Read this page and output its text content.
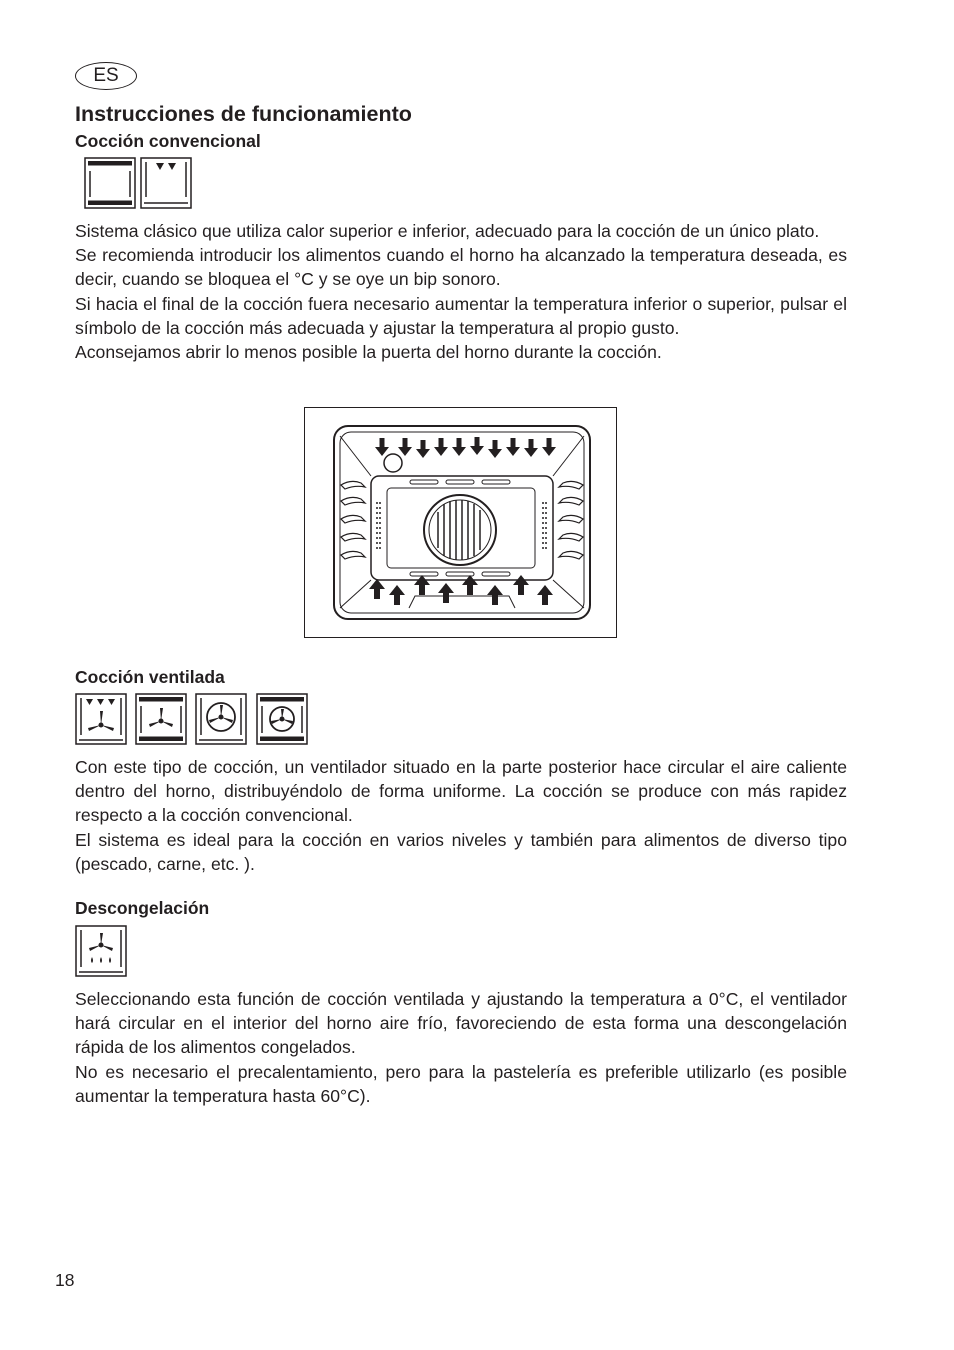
ES
Instrucciones de funcionamiento
Cocción convencional

Sistema clásico que utiliza calor superior e inferior, adecuado para la cocción de un único plato.

Se recomienda introducir los alimentos cuando el horno ha alcanzado la temperatura deseada, es decir, cuando se bloquea el °C y se oye un bip sonoro.

Si hacia el final de la cocción fuera necesario aumentar la temperatura inferior o superior, pulsar el símbolo de la cocción más adecuada y ajustar la temperatura al propio gusto.

Aconsejamos abrir lo menos posible la puerta del horno durante la cocción.

Cocción ventilada

Con este tipo de cocción, un ventilador situado en la parte posterior hace circular el aire caliente dentro del horno, distribuyéndolo de forma uniforme. La cocción se produce con más rapidez respecto a la cocción convencional.

El sistema es ideal para la cocción en varios niveles y también para alimentos de diverso tipo (pescado, carne, etc. ).

Descongelación

Seleccionando esta función de cocción ventilada y ajustando la temperatura a 0°C, el ventilador hará circular en el interior del horno aire frío, favoreciendo de esta forma una descongelación rápida de los alimentos congelados.

No es necesario el precalentamiento, pero para la pastelería es preferible utilizarlo (es posible aumentar la temperatura hasta 60°C).

18
